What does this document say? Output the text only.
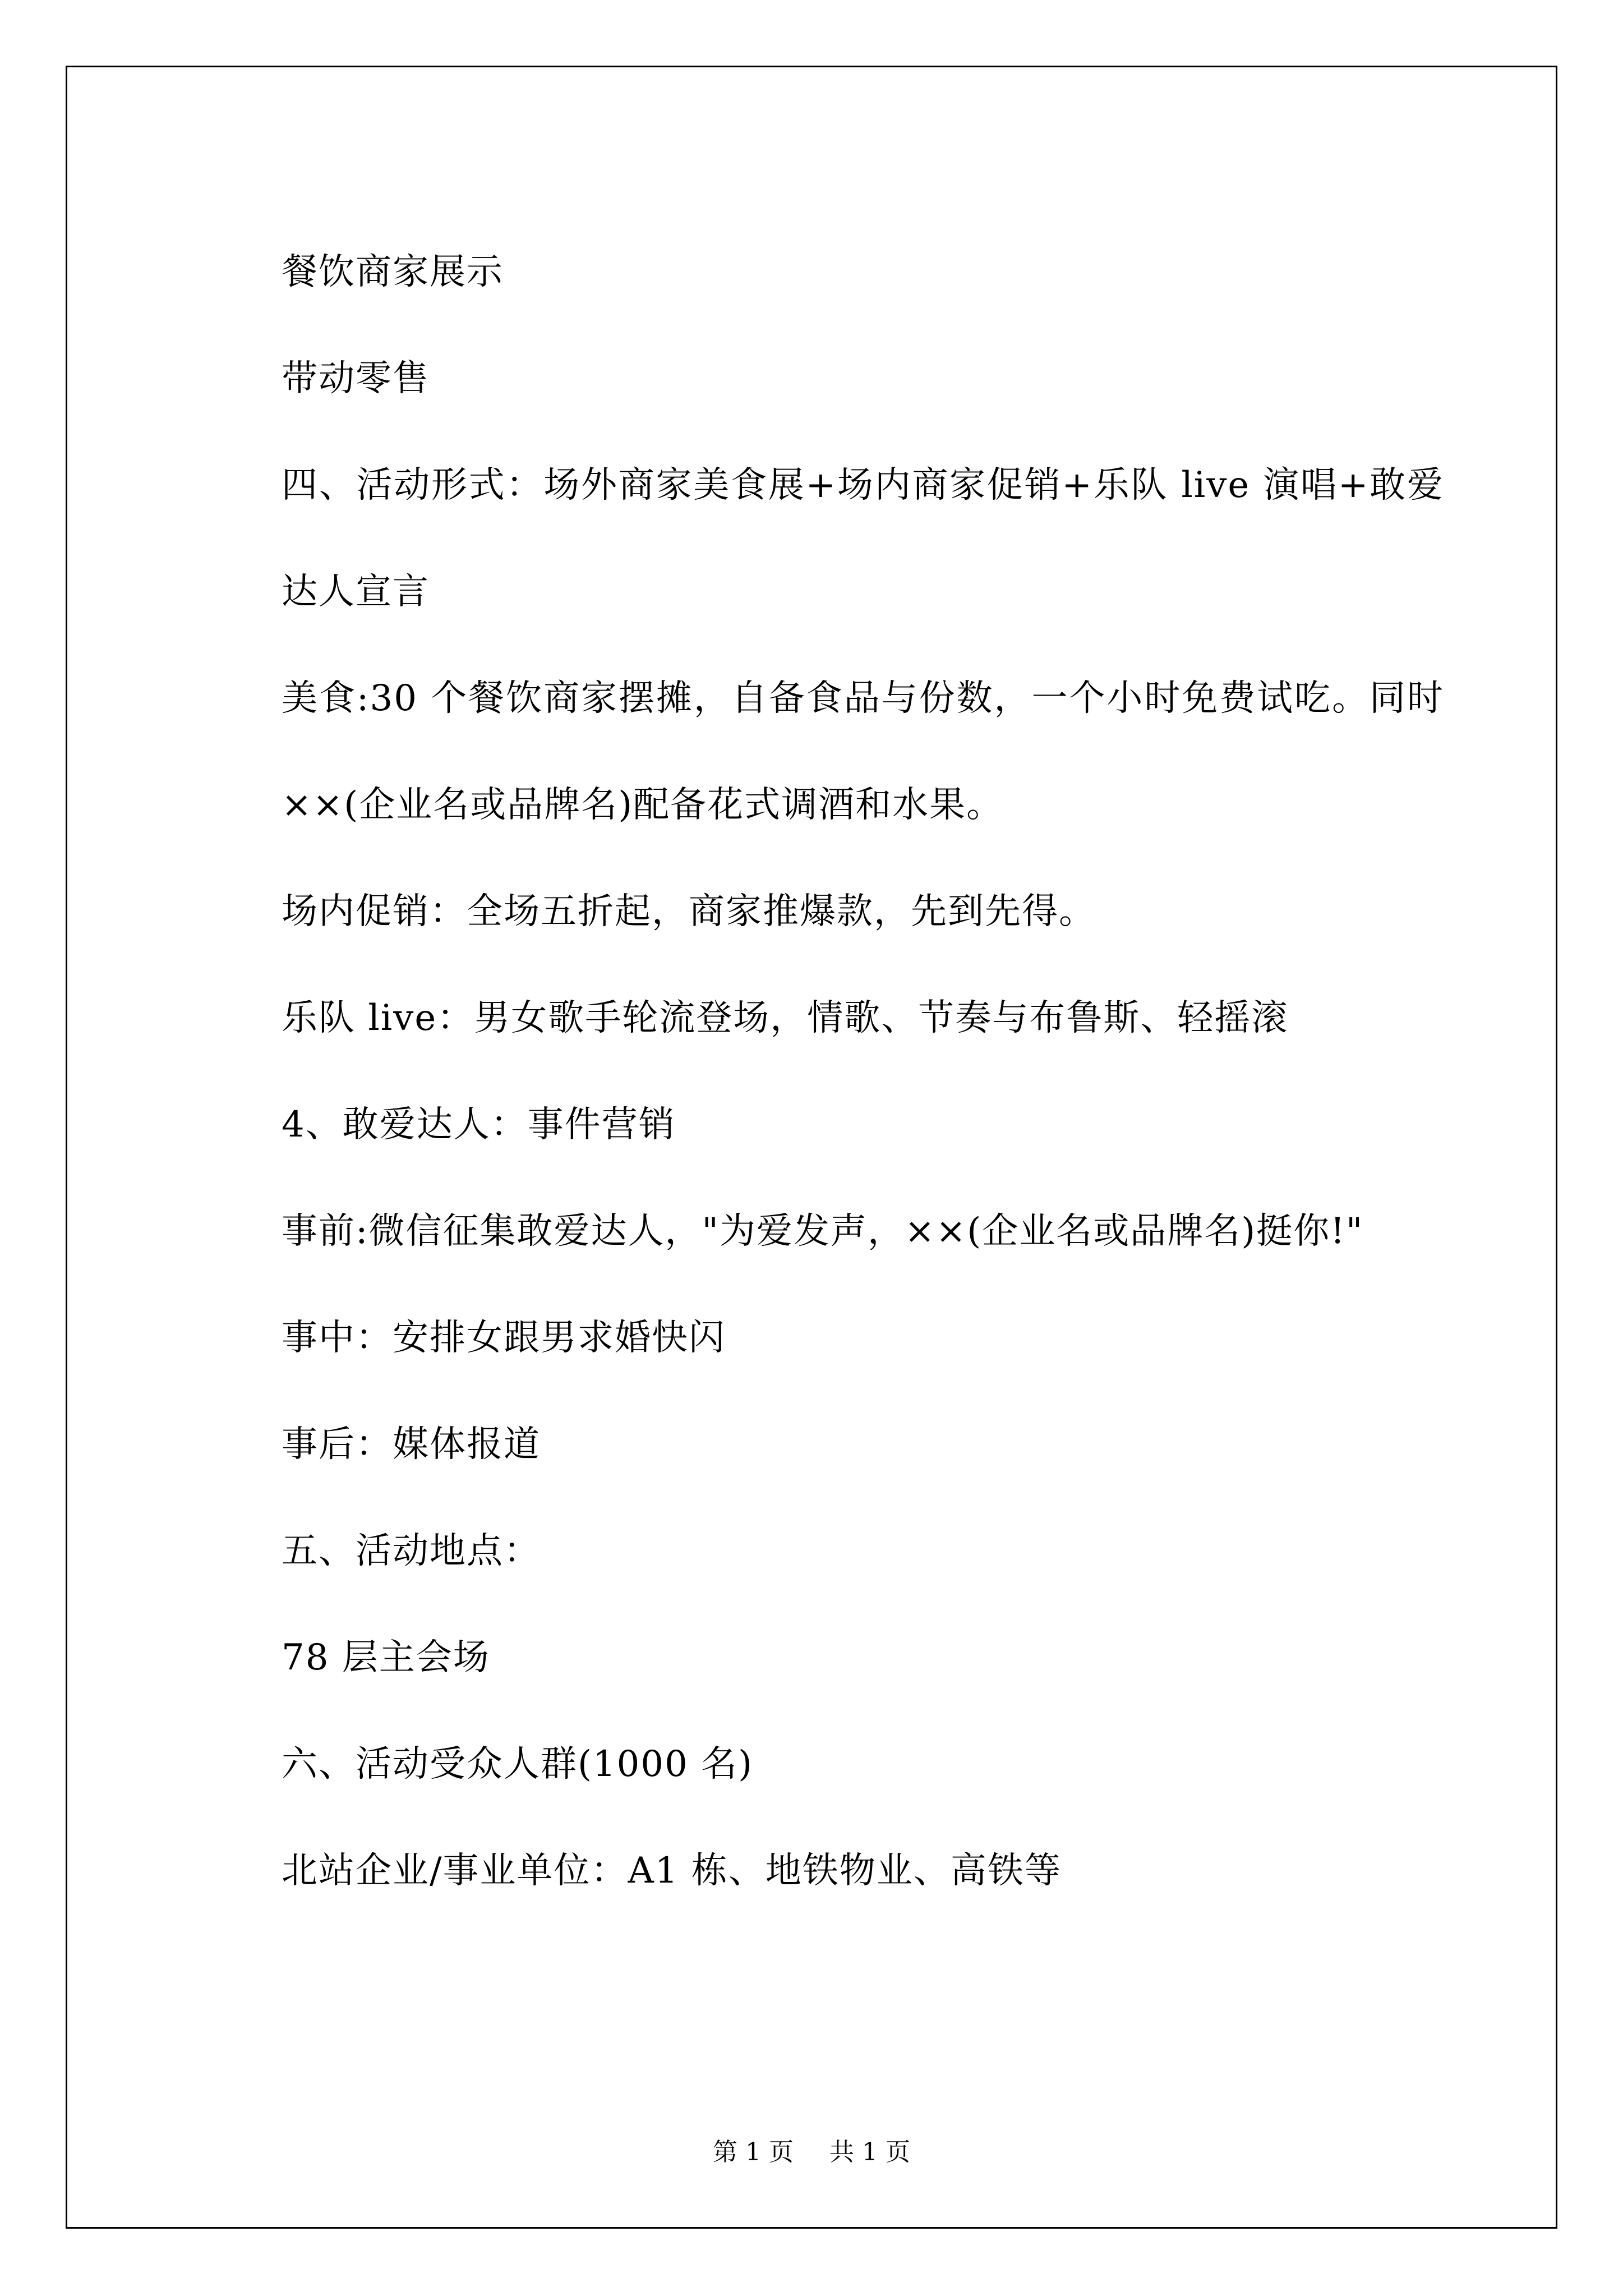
餐饮商家展示

带动零售

四、活动形式：场外商家美食展+场内商家促销+乐队 live 演唱+敢爱达人宣言

美食:30 个餐饮商家摆摊，自备食品与份数，一个小时免费试吃。同时××(企业名或品牌名)配备花式调酒和水果。

场内促销：全场五折起，商家推爆款，先到先得。

乐队 live：男女歌手轮流登场，情歌、节奏与布鲁斯、轻摇滚

4、敢爱达人：事件营销

事前:微信征集敢爱达人，"为爱发声，××(企业名或品牌名)挺你!"

事中：安排女跟男求婚快闪

事后：媒体报道

五、活动地点：

78 层主会场

六、活动受众人群(1000 名)

北站企业/事业单位：A1 栋、地铁物业、高铁等

第 1 页 共 1 页
